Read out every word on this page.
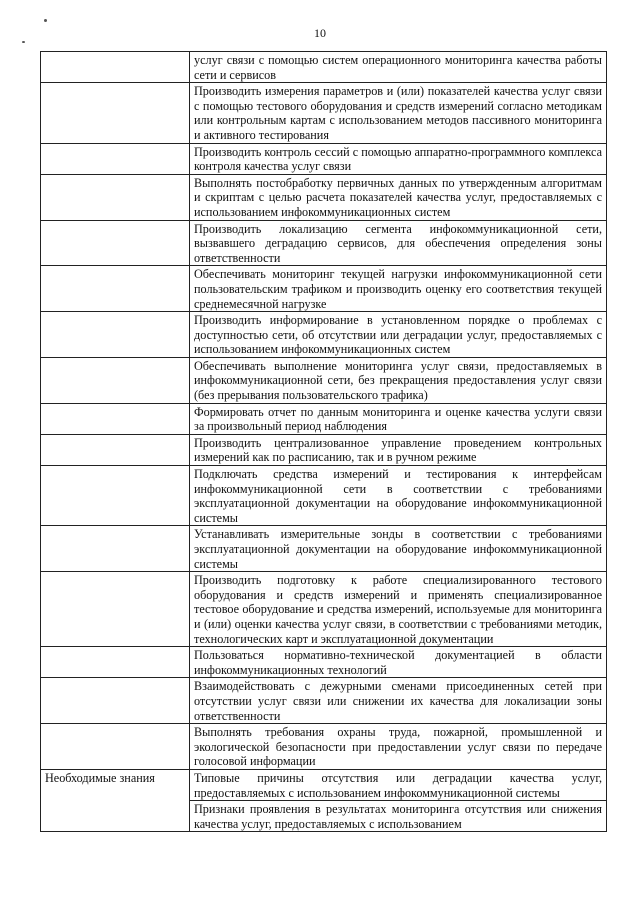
10
	услуг связи с помощью систем операционного мониторинга качества работы сети и сервисов
	Производить измерения параметров и (или) показателей качества услуг связи с помощью тестового оборудования и средств измерений согласно методикам или контрольным картам с использованием методов пассивного мониторинга и активного тестирования
	Производить контроль сессий с помощью аппаратно-программного комплекса контроля качества услуг связи
	Выполнять постобработку первичных данных по утвержденным алгоритмам и скриптам с целью расчета показателей качества услуг, предоставляемых с использованием инфокоммуникационных систем
	Производить локализацию сегмента инфокоммуникационной сети, вызвавшего деградацию сервисов, для обеспечения определения зоны ответственности
	Обеспечивать мониторинг текущей нагрузки инфокоммуникационной сети пользовательским трафиком и производить оценку его соответствия текущей среднемесячной нагрузке
	Производить информирование в установленном порядке о проблемах с доступностью сети, об отсутствии или деградации услуг, предоставляемых с использованием инфокоммуникационных систем
	Обеспечивать выполнение мониторинга услуг связи, предоставляемых в инфокоммуникационной сети, без прекращения предоставления услуг связи (без прерывания пользовательского трафика)
	Формировать отчет по данным мониторинга и оценке качества услуги связи за произвольный период наблюдения
	Производить централизованное управление проведением контрольных измерений как по расписанию, так и в ручном режиме
	Подключать средства измерений и тестирования к интерфейсам инфокоммуникационной сети в соответствии с требованиями эксплуатационной документации на оборудование инфокоммуникационной системы
	Устанавливать измерительные зонды в соответствии с требованиями эксплуатационной документации на оборудование инфокоммуникационной системы
	Производить подготовку к работе специализированного тестового оборудования и средств измерений и применять специализированное тестовое оборудование и средства измерений, используемые для мониторинга и (или) оценки качества услуг связи, в соответствии с требованиями методик, технологических карт и эксплуатационной документации
	Пользоваться нормативно-технической документацией в области инфокоммуникационных технологий
	Взаимодействовать с дежурными сменами присоединенных сетей при отсутствии услуг связи или снижении их качества для локализации зоны ответственности
	Выполнять требования охраны труда, пожарной, промышленной и экологической безопасности при предоставлении услуг связи по передаче голосовой информации
Необходимые знания	Типовые причины отсутствия или деградации качества услуг, предоставляемых с использованием инфокоммуникационной системы

	Признаки проявления в результатах мониторинга отсутствия или снижения качества услуг, предоставляемых с использованием
